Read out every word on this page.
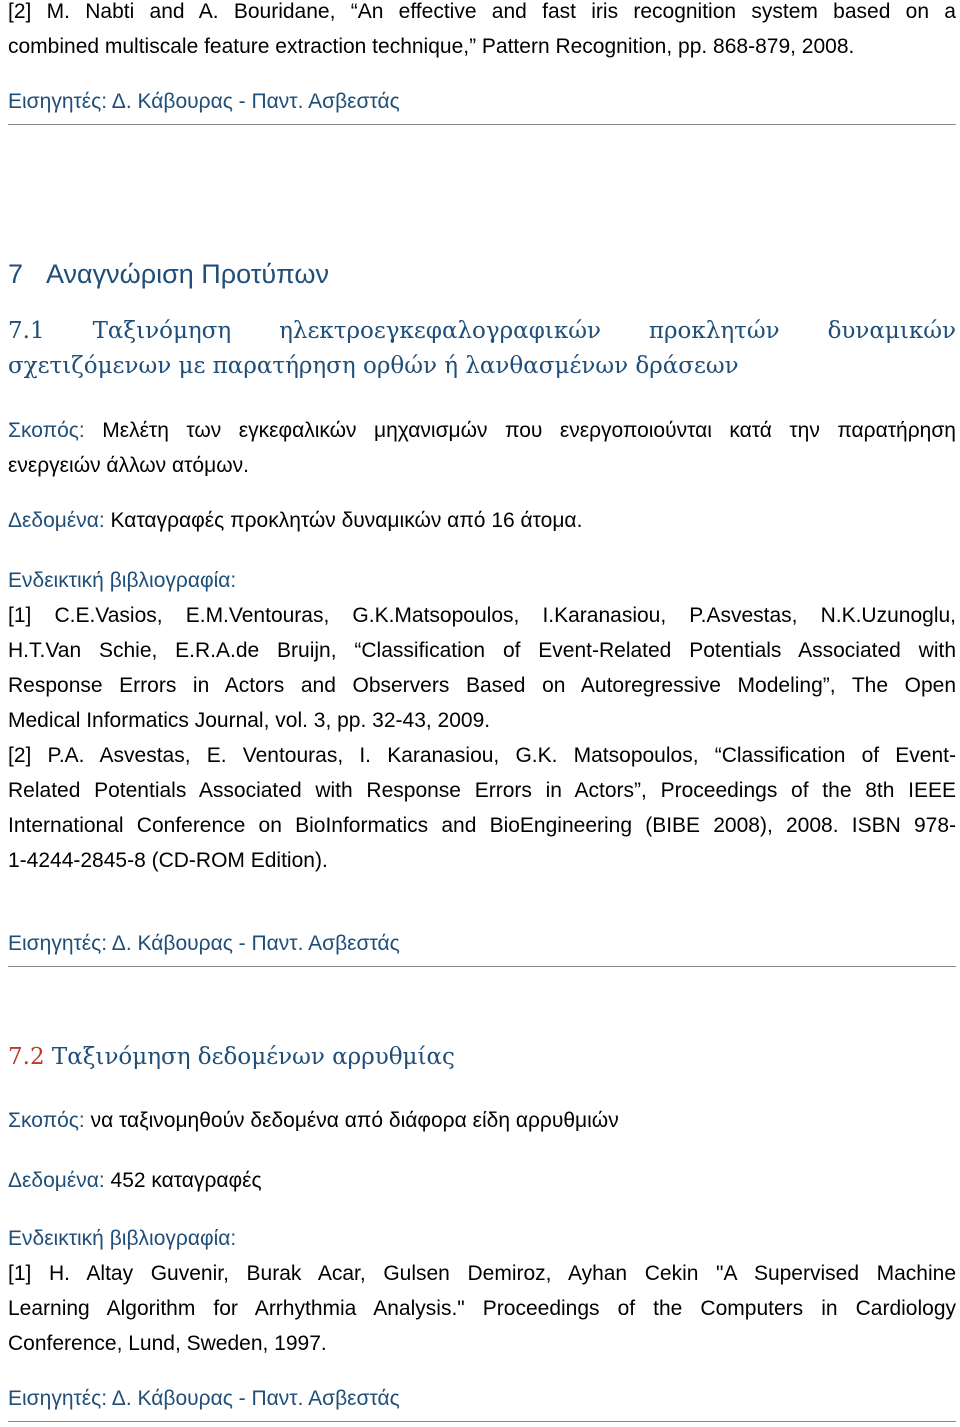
[2] M. Nabti and A. Bouridane, “An effective and fast iris recognition system based on a

combined multiscale feature extraction technique,” Pattern Recognition, pp. 868-879, 2008.

Εισηγητές: Δ. Κάβουρας - Παντ. Ασβεστάς

7 Αναγνώριση Προτύπων

7.1 Ταξινόμηση ηλεκτροεγκεφαλογραφικών προκλητών δυναμικών

σχετιζόμενων με παρατήρηση ορθών ή λανθασμένων δράσεων

Σκοπός: Μελέτη των εγκεφαλικών μηχανισμών που ενεργοποιούνται κατά την παρατήρηση

ενεργειών άλλων ατόμων.

Δεδομένα: Καταγραφές προκλητών δυναμικών από 16 άτομα.

Ενδεικτική βιβλιογραφία:

[1] C.E.Vasios, E.M.Ventouras, G.K.Matsopoulos, I.Karanasiou, P.Asvestas, N.K.Uzunoglu,

H.T.Van Schie, E.R.A.de Bruijn, “Classification of Event-Related Potentials Associated with

Response Errors in Actors and Observers Based on Autoregressive Modeling”, The Open

Medical Informatics Journal, vol. 3, pp. 32-43, 2009.

[2] P.A. Asvestas, E. Ventouras, I. Karanasiou, G.K. Matsopoulos, “Classification of Event-

Related Potentials Associated with Response Errors in Actors”, Proceedings of the 8th IEEE

International Conference on BioInformatics and BioEngineering (BIBE 2008), 2008. ISBN 978-

1-4244-2845-8 (CD-ROM Edition).

Εισηγητές: Δ. Κάβουρας - Παντ. Ασβεστάς

7.2 Ταξινόμηση δεδομένων αρρυθμίας

Σκοπός: να ταξινομηθούν δεδομένα από διάφορα είδη αρρυθμιών

Δεδομένα: 452 καταγραφές

Ενδεικτική βιβλιογραφία:

[1] H. Altay Guvenir, Burak Acar, Gulsen Demiroz, Ayhan Cekin "A Supervised Machine

Learning Algorithm for Arrhythmia Analysis." Proceedings of the Computers in Cardiology

Conference, Lund, Sweden, 1997.

Εισηγητές: Δ. Κάβουρας - Παντ. Ασβεστάς
